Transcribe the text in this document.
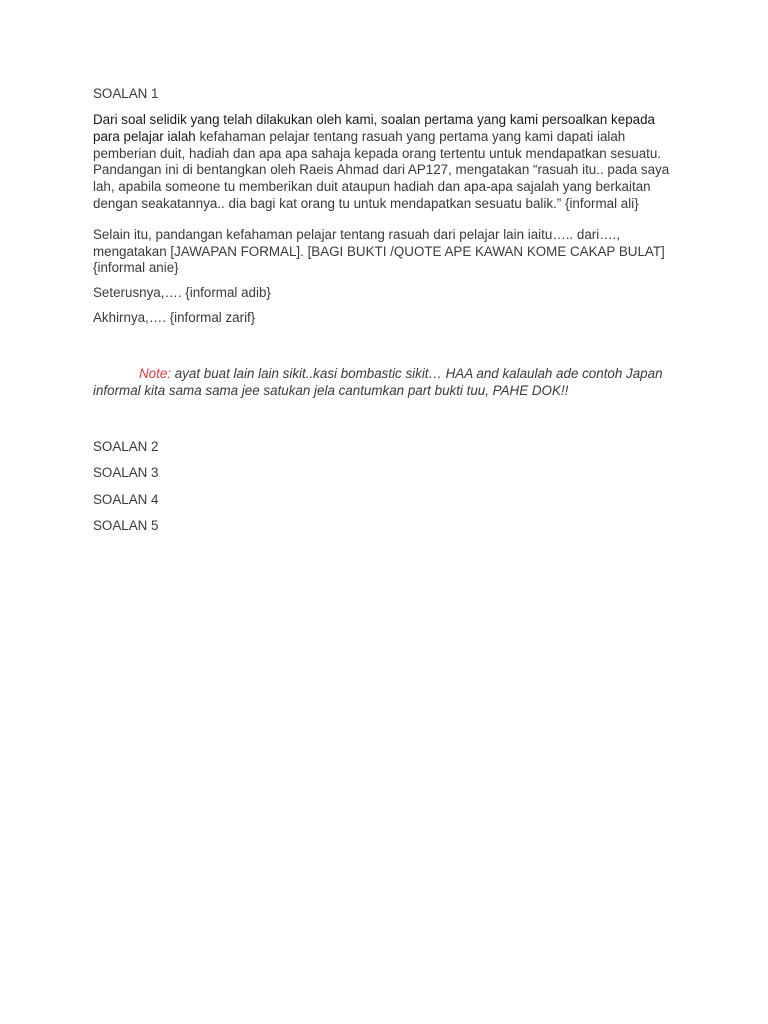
SOALAN 1

Dari soal selidik yang telah dilakukan oleh kami, soalan pertama yang kami persoalkan kepada para pelajar ialah kefahaman pelajar tentang rasuah yang pertama yang kami dapati ialah pemberian duit, hadiah dan apa apa sahaja kepada orang tertentu untuk mendapatkan sesuatu. Pandangan ini di bentangkan oleh Raeis Ahmad dari AP127, mengatakan “rasuah itu.. pada saya lah, apabila someone tu memberikan duit ataupun hadiah dan apa-apa sajalah yang berkaitan dengan seakatannya.. dia bagi kat orang tu untuk mendapatkan sesuatu balik.” {informal ali}

Selain itu, pandangan kefahaman pelajar tentang rasuah dari pelajar lain iaitu….. dari…., mengatakan [JAWAPAN FORMAL]. [BAGI BUKTI /QUOTE APE KAWAN KOME CAKAP BULAT] {informal anie}

Seterusnya,…. {informal adib}

Akhirnya,…. {informal zarif}

Note: ayat buat lain lain sikit..kasi bombastic sikit… HAA and kalaulah ade contoh Japan informal kita sama sama jee satukan jela cantumkan part bukti tuu, PAHE DOK!!

SOALAN 2

SOALAN 3

SOALAN 4

SOALAN 5
